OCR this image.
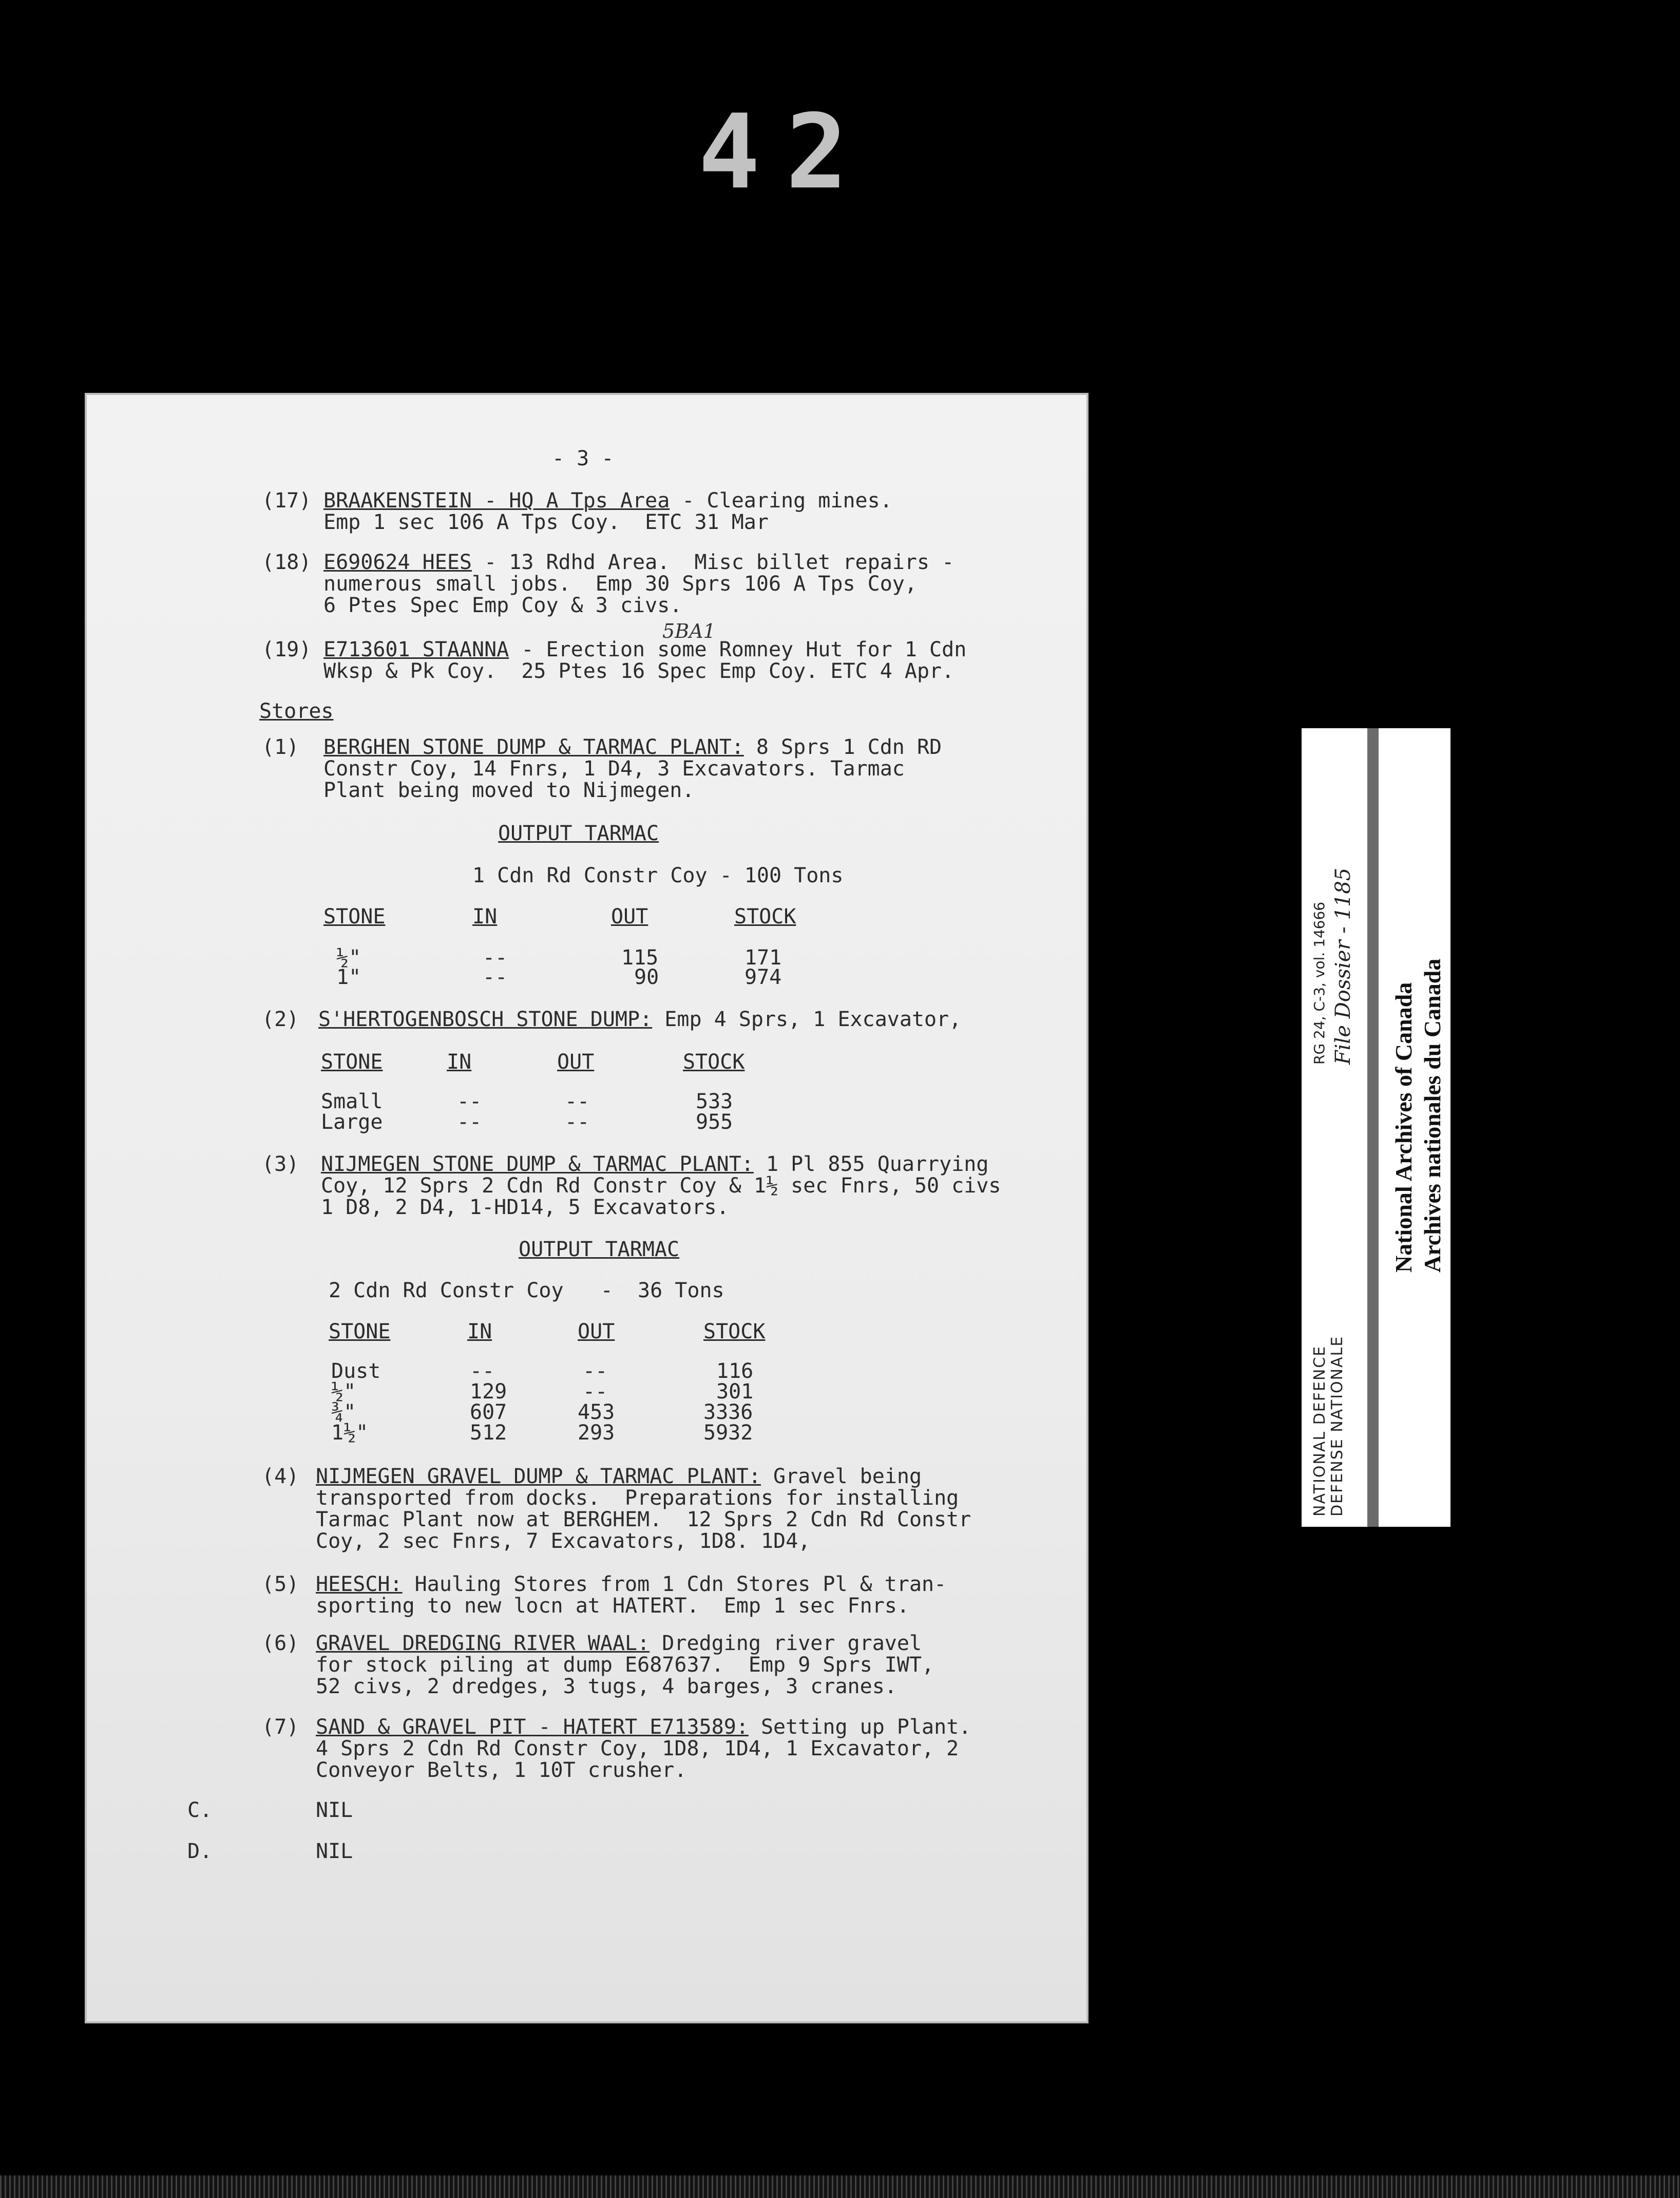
42
- 3 -
(17) BRAAKENSTEIN - HQ A Tps Area - Clearing mines.
Emp 1 sec 106 A Tps Coy.  ETC 31 Mar
(18) E690624 HEES - 13 Rdhd Area.  Misc billet repairs -
numerous small jobs.  Emp 30 Sprs 106 A Tps Coy,
6 Ptes Spec Emp Coy & 3 civs.
5BA1
(19) E713601 STAANNA - Erection some Romney Hut for 1 Cdn
Wksp & Pk Coy.  25 Ptes 16 Spec Emp Coy. ETC 4 Apr.
Stores
(1) BERGHEN STONE DUMP & TARMAC PLANT: 8 Sprs 1 Cdn RD
Constr Coy, 14 Fnrs, 1 D4, 3 Excavators. Tarmac
Plant being moved to Nijmegen.
OUTPUT TARMAC
1 Cdn Rd Constr Coy - 100 Tons
STONE	IN	OUT	STOCK
½"	--	115	171
1"	--	90	974
(2) S'HERTOGENBOSCH STONE DUMP: Emp 4 Sprs, 1 Excavator,
STONE	IN	OUT	STOCK
Small	--	--	533
Large	--	--	955
(3) NIJMEGEN STONE DUMP & TARMAC PLANT: 1 Pl 855 Quarrying
Coy, 12 Sprs 2 Cdn Rd Constr Coy & 1½ sec Fnrs, 50 civs
1 D8, 2 D4, 1-HD14, 5 Excavators.
OUTPUT TARMAC
2 Cdn Rd Constr Coy   -  36 Tons
STONE	IN	OUT	STOCK
Dust	--	--	116
½"	129	--	301
¾"	607	453	3336
1½"	512	293	5932
(4) NIJMEGEN GRAVEL DUMP & TARMAC PLANT: Gravel being
transported from docks.  Preparations for installing
Tarmac Plant now at BERGHEM.  12 Sprs 2 Cdn Rd Constr
Coy, 2 sec Fnrs, 7 Excavators, 1D8. 1D4,
(5) HEESCH: Hauling Stores from 1 Cdn Stores Pl & tran-
sporting to new locn at HATERT.  Emp 1 sec Fnrs.
(6) GRAVEL DREDGING RIVER WAAL: Dredging river gravel
for stock piling at dump E687637.  Emp 9 Sprs IWT,
52 civs, 2 dredges, 3 tugs, 4 barges, 3 cranes.
(7) SAND & GRAVEL PIT - HATERT E713589: Setting up Plant.
4 Sprs 2 Cdn Rd Constr Coy, 1D8, 1D4, 1 Excavator, 2
Conveyor Belts, 1 10T crusher.
C.	NIL
D.	NIL
NATIONAL DEFENCE DEFENSE NATIONALE
RG 24, C-3, vol. 14666 File Dossier - 1185
National Archives of Canada Archives nationales du Canada
